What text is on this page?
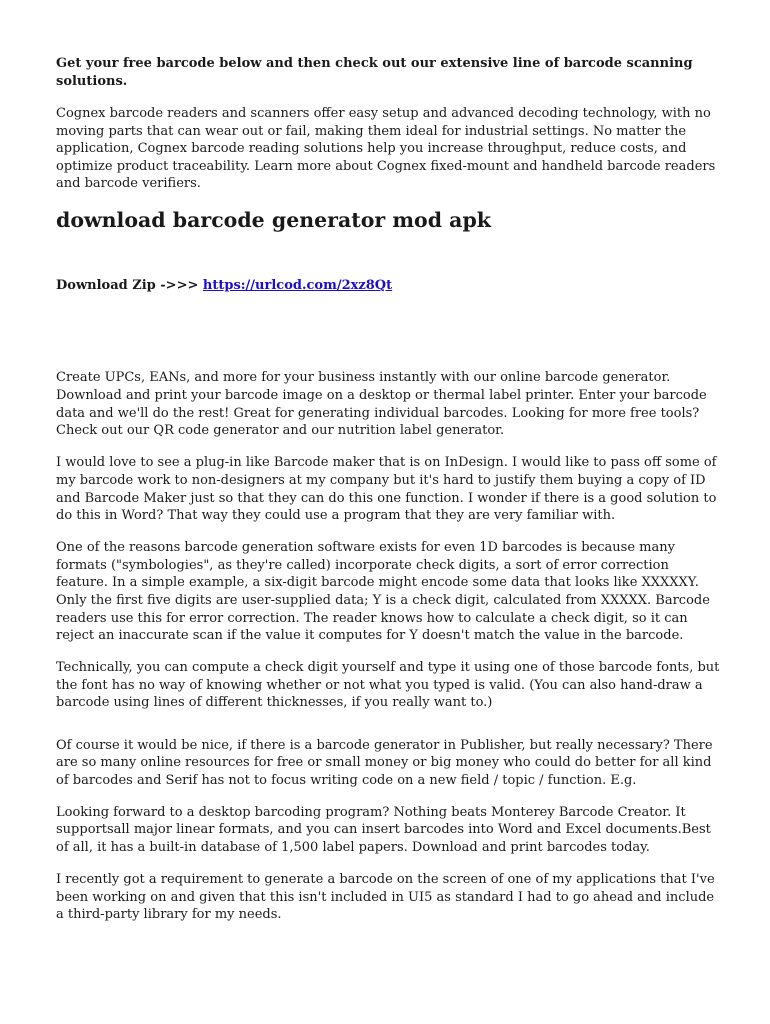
Get your free barcode below and then check out our extensive line of barcode scanning solutions.

Cognex barcode readers and scanners offer easy setup and advanced decoding technology, with no moving parts that can wear out or fail, making them ideal for industrial settings. No matter the application, Cognex barcode reading solutions help you increase throughput, reduce costs, and optimize product traceability. Learn more about Cognex fixed-mount and handheld barcode readers and barcode verifiers.

download barcode generator mod apk
Download Zip ->>> https://urlcod.com/2xz8Qt

Create UPCs, EANs, and more for your business instantly with our online barcode generator. Download and print your barcode image on a desktop or thermal label printer. Enter your barcode data and we'll do the rest! Great for generating individual barcodes. Looking for more free tools? Check out our QR code generator and our nutrition label generator.

I would love to see a plug-in like Barcode maker that is on InDesign. I would like to pass off some of my barcode work to non-designers at my company but it's hard to justify them buying a copy of ID and Barcode Maker just so that they can do this one function. I wonder if there is a good solution to do this in Word? That way they could use a program that they are very familiar with.

One of the reasons barcode generation software exists for even 1D barcodes is because many formats ("symbologies", as they're called) incorporate check digits, a sort of error correction feature. In a simple example, a six-digit barcode might encode some data that looks like XXXXXY. Only the first five digits are user-supplied data; Y is a check digit, calculated from XXXXX. Barcode readers use this for error correction. The reader knows how to calculate a check digit, so it can reject an inaccurate scan if the value it computes for Y doesn't match the value in the barcode.

Technically, you can compute a check digit yourself and type it using one of those barcode fonts, but the font has no way of knowing whether or not what you typed is valid. (You can also hand-draw a barcode using lines of different thicknesses, if you really want to.)

Of course it would be nice, if there is a barcode generator in Publisher, but really necessary? There are so many online resources for free or small money or big money who could do better for all kind of barcodes and Serif has not to focus writing code on a new field / topic / function. E.g.

Looking forward to a desktop barcoding program? Nothing beats Monterey Barcode Creator. It supportsall major linear formats, and you can insert barcodes into Word and Excel documents.Best of all, it has a built-in database of 1,500 label papers. Download and print barcodes today.

I recently got a requirement to generate a barcode on the screen of one of my applications that I've been working on and given that this isn't included in UI5 as standard I had to go ahead and include a third-party library for my needs.
